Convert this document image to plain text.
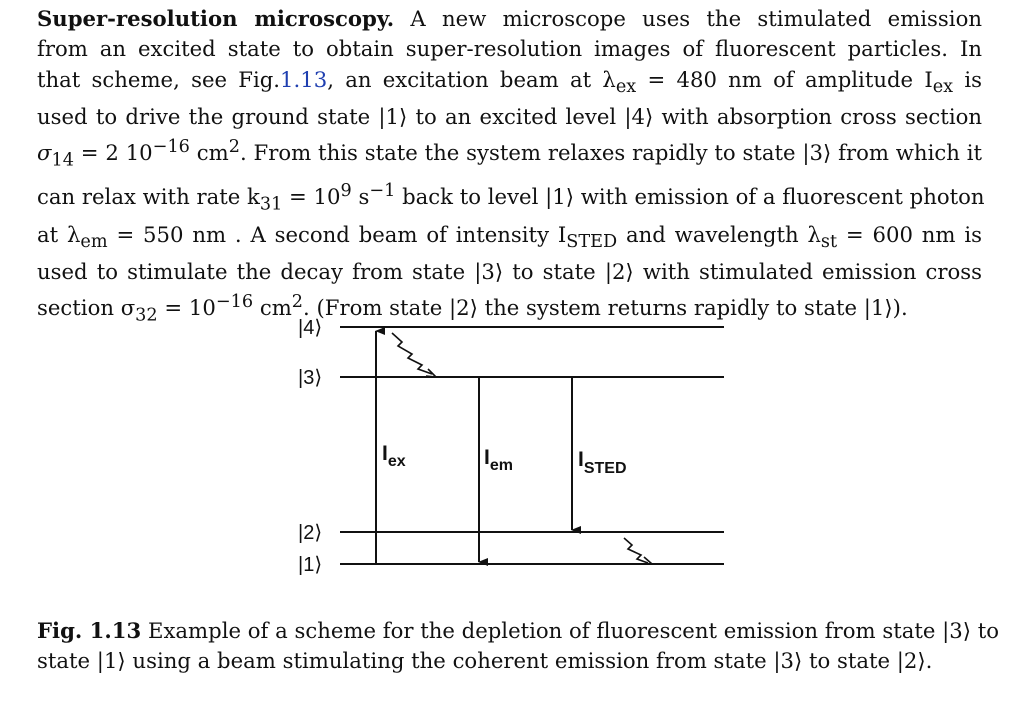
Super-resolution microscopy. A new microscope uses the stimulated emission
from an excited state to obtain super-resolution images of fluorescent particles. In
that scheme, see Fig.1.13, an excitation beam at $\lambda_{ex} = 480$ nm of amplitude $I_{ex}$ is
used to drive the ground state |1⟩ to an excited level |4⟩ with absorption cross section
$\sigma_{14} = 2$ $10^{-16}$ $cm^2$. From this state the system relaxes rapidly to state |3⟩ from which it
can relax with rate $k_{31} = 10^9$ $s^{-1}$ back to level |1⟩ with emission of a fluorescent photon
at $\lambda_{em} = 550$ nm . A second beam of intensity $I_{STED}$ and wavelength $\lambda_{st} = 600$ nm is
used to stimulate the decay from state |3⟩ to state |2⟩ with stimulated emission cross
section $\sigma_{32} = 10^{-16}$ $cm^2$. (From state |2⟩ the system returns rapidly to state |1⟩).
|4⟩
|3⟩
|2⟩
|1⟩
$I_{ex}$	$I_{em}$	$I_{STED}$
Fig. 1.13 Example of a scheme for the depletion of fluorescent emission from state |3⟩ to
state |1⟩ using a beam stimulating the coherent emission from state |3⟩ to state |2⟩.
